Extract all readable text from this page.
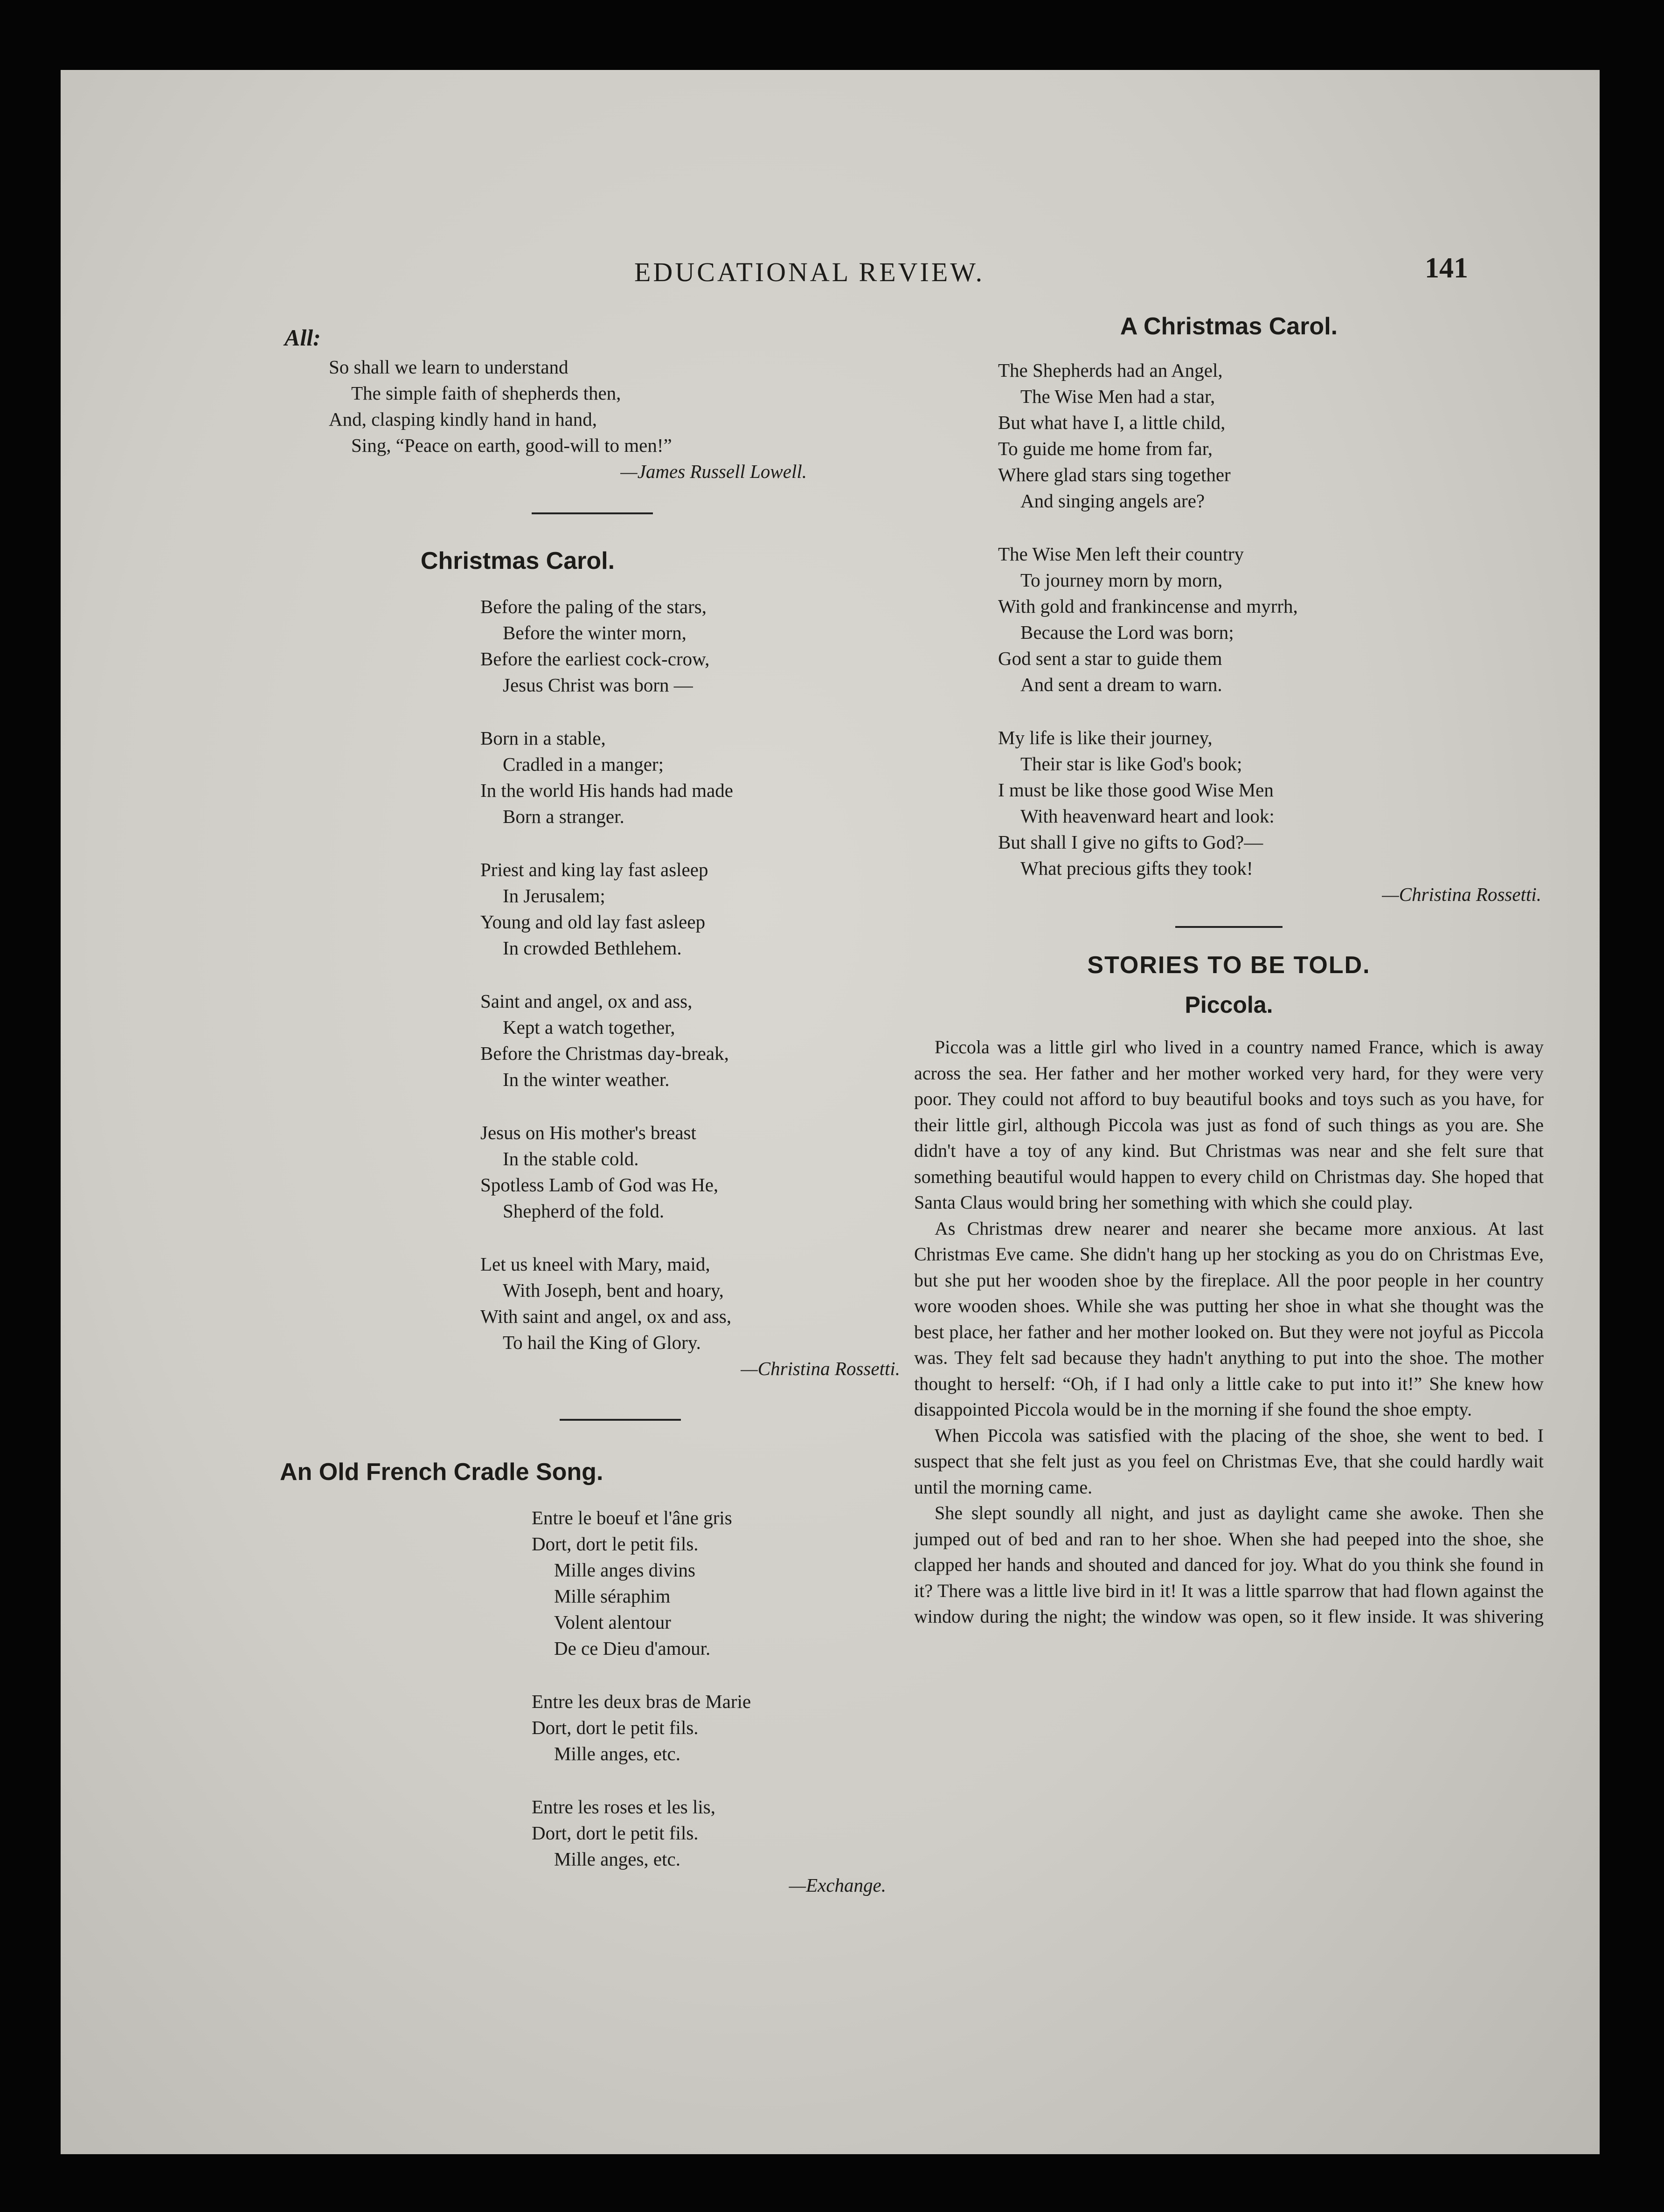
EDUCATIONAL REVIEW.	141
All:
So shall we learn to understand
The simple faith of shepherds then,
And, clasping kindly hand in hand,
Sing, “Peace on earth, good-will to men!”
—James Russell Lowell.
Christmas Carol.
Before the paling of the stars,
Before the winter morn,
Before the earliest cock-crow,
Jesus Christ was born —
Born in a stable,
Cradled in a manger;
In the world His hands had made
Born a stranger.
Priest and king lay fast asleep
In Jerusalem;
Young and old lay fast asleep
In crowded Bethlehem.
Saint and angel, ox and ass,
Kept a watch together,
Before the Christmas day-break,
In the winter weather.
Jesus on His mother's breast
In the stable cold.
Spotless Lamb of God was He,
Shepherd of the fold.
Let us kneel with Mary, maid,
With Joseph, bent and hoary,
With saint and angel, ox and ass,
To hail the King of Glory.
—Christina Rossetti.
An Old French Cradle Song.
Entre le boeuf et l'âne gris
Dort, dort le petit fils.
Mille anges divins
Mille séraphim
Volent alentour
De ce Dieu d'amour.
Entre les deux bras de Marie
Dort, dort le petit fils.
Mille anges, etc.
Entre les roses et les lis,
Dort, dort le petit fils.
Mille anges, etc.
—Exchange.
A Christmas Carol.
The Shepherds had an Angel,
The Wise Men had a star,
But what have I, a little child,
To guide me home from far,
Where glad stars sing together
And singing angels are?
The Wise Men left their country
To journey morn by morn,
With gold and frankincense and myrrh,
Because the Lord was born;
God sent a star to guide them
And sent a dream to warn.
My life is like their journey,
Their star is like God's book;
I must be like those good Wise Men
With heavenward heart and look:
But shall I give no gifts to God?—
What precious gifts they took!
—Christina Rossetti.
STORIES TO BE TOLD.
Piccola.

Piccola was a little girl who lived in a country named France, which is away across the sea. Her father and her mother worked very hard, for they were very poor. They could not afford to buy beautiful books and toys such as you have, for their little girl, although Piccola was just as fond of such things as you are. She didn't have a toy of any kind. But Christmas was near and she felt sure that something beautiful would happen to every child on Christmas day. She hoped that Santa Claus would bring her something with which she could play.

As Christmas drew nearer and nearer she became more anxious. At last Christmas Eve came. She didn't hang up her stocking as you do on Christmas Eve, but she put her wooden shoe by the fireplace. All the poor people in her country wore wooden shoes. While she was putting her shoe in what she thought was the best place, her father and her mother looked on. But they were not joyful as Piccola was. They felt sad because they hadn't anything to put into the shoe. The mother thought to herself: “Oh, if I had only a little cake to put into it!” She knew how disappointed Piccola would be in the morning if she found the shoe empty.

When Piccola was satisfied with the placing of the shoe, she went to bed. I suspect that she felt just as you feel on Christmas Eve, that she could hardly wait until the morning came.

She slept soundly all night, and just as daylight came she awoke. Then she jumped out of bed and ran to her shoe. When she had peeped into the shoe, she clapped her hands and shouted and danced for joy. What do you think she found in it? There was a little live bird in it! It was a little sparrow that had flown against the window during the night; the window was open, so it flew inside. It was shivering
